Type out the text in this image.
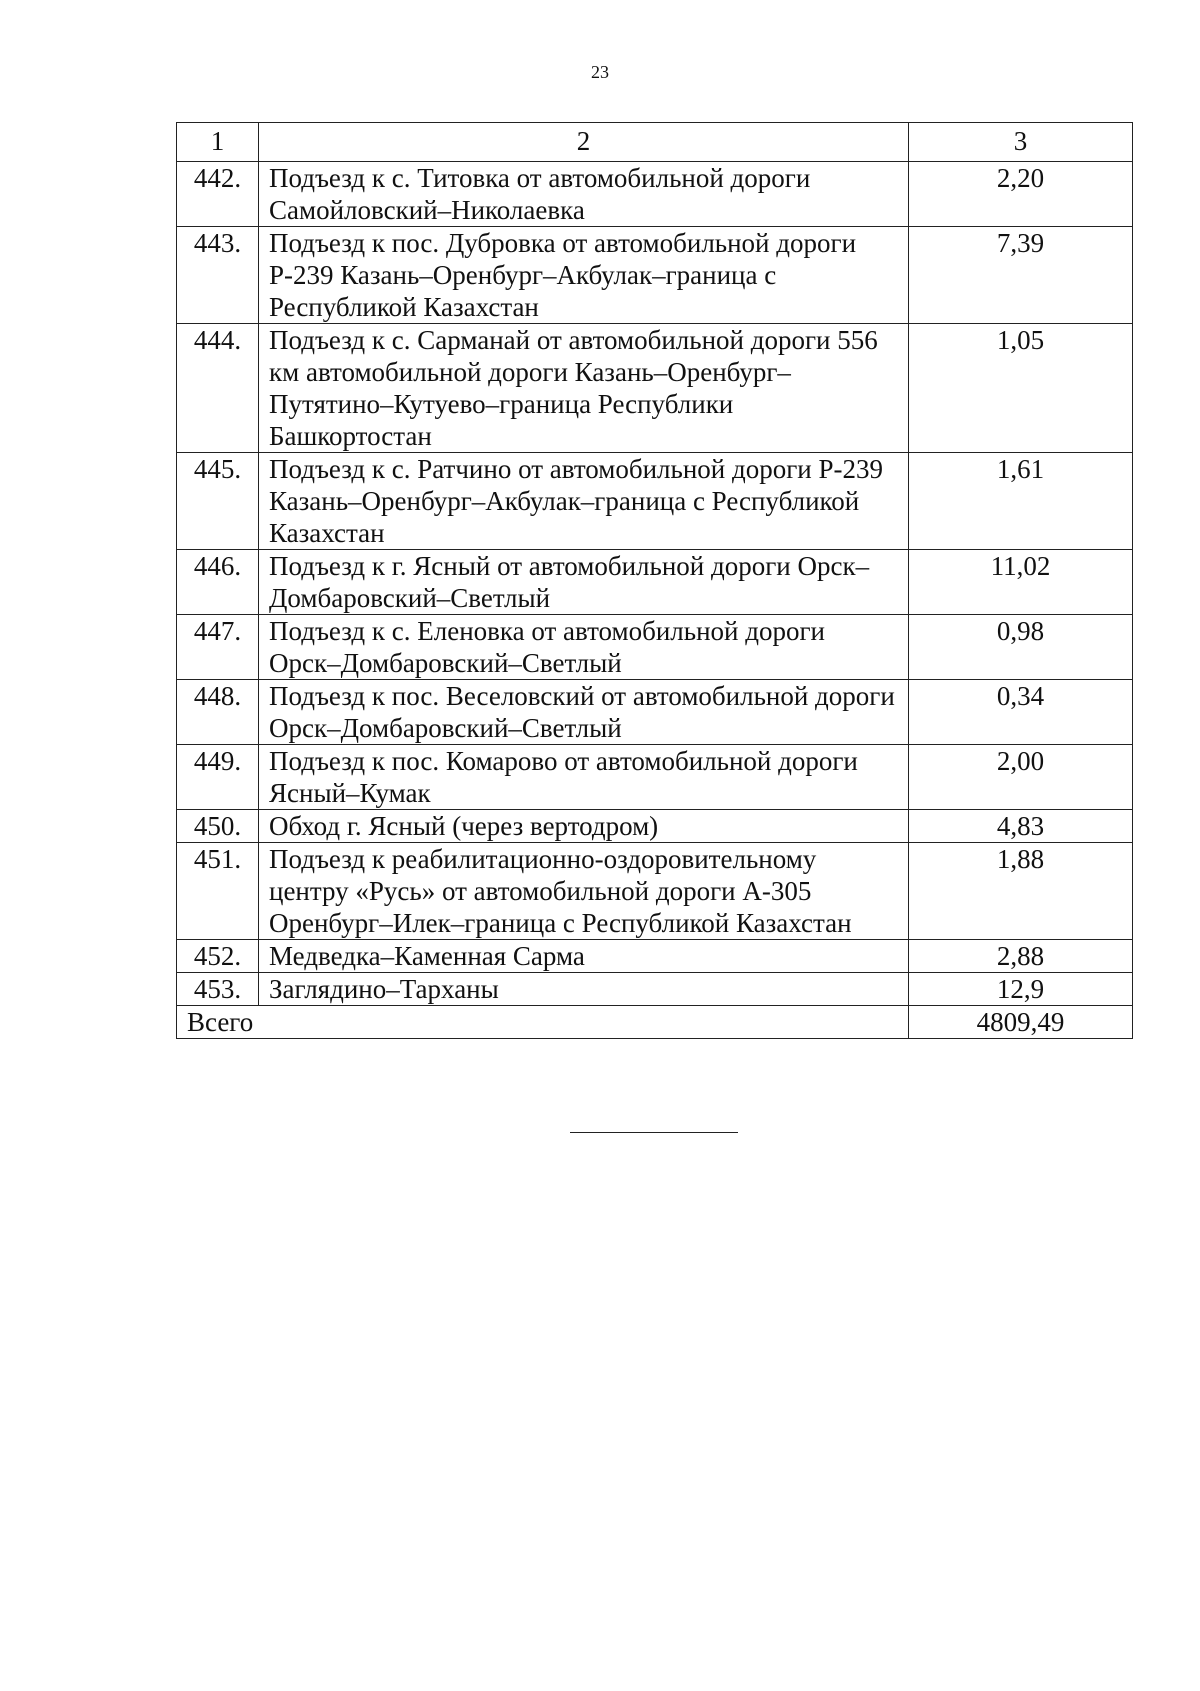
23
1	2	3
442.	Подъезд к с. Титовка от автомобильной дороги Самойловский–Николаевка	2,20
443.	Подъезд к пос. Дубровка от автомобильной дороги Р-239 Казань–Оренбург–Акбулак–граница с Республикой Казахстан	7,39
444.	Подъезд к с. Сарманай от автомобильной дороги 556 км автомобильной дороги Казань–Оренбург–Путятино–Кутуево–граница Республики Башкортостан	1,05
445.	Подъезд к с. Ратчино от автомобильной дороги Р-239 Казань–Оренбург–Акбулак–граница с Республикой Казахстан	1,61
446.	Подъезд к г. Ясный от автомобильной дороги Орск–Домбаровский–Светлый	11,02
447.	Подъезд к с. Еленовка от автомобильной дороги Орск–Домбаровский–Светлый	0,98
448.	Подъезд к пос. Веселовский от автомобильной дороги Орск–Домбаровский–Светлый	0,34
449.	Подъезд к пос. Комарово от автомобильной дороги Ясный–Кумак	2,00
450.	Обход г. Ясный (через вертодром)	4,83
451.	Подъезд к реабилитационно-оздоровительному центру «Русь» от автомобильной дороги А-305 Оренбург–Илек–граница с Республикой Казахстан	1,88
452.	Медведка–Каменная Сарма	2,88
453.	Заглядино–Тарханы	12,9
Всего		4809,49
